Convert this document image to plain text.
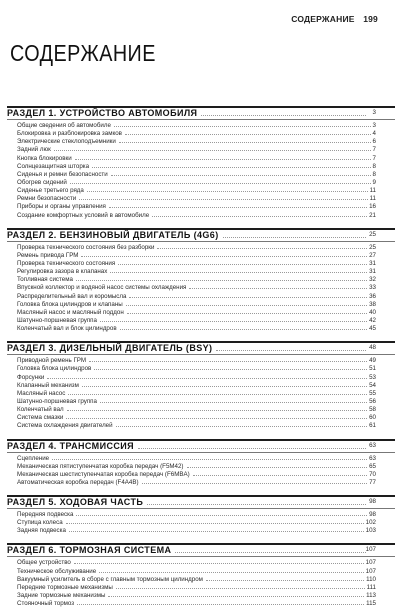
СОДЕРЖАНИЕ 199
СОДЕРЖАНИЕ
РАЗДЕЛ 1. УСТРОЙСТВО АВТОМОБИЛЯ	3
Общие сведения об автомобиле	3
Блокировка и разблокировка замков	4
Электрические стеклоподъемники	6
Задний люк	7
Кнопка блокировки	7
Солнцезащитная шторка	8
Сиденья и ремни безопасности	8
Обогрев сидений	9
Сиденье третьего ряда	11
Ремни безопасности	11
Приборы и органы управления	16
Создание комфортных условий в автомобиле	21
РАЗДЕЛ 2. БЕНЗИНОВЫЙ ДВИГАТЕЛЬ (4G6)	25
Проверка технического состояния без разборки	25
Ремень привода ГРМ	27
Проверка технического состояния	31
Регулировка зазора в клапанах	31
Топливная система	32
Впускной коллектор и водяной насос системы охлаждения	33
Распределительный вал и коромысла	36
Головка блока цилиндров и клапаны	38
Масляный насос и масляный поддон	40
Шатунно-поршневая группа	42
Коленчатый вал и блок цилиндров	45
РАЗДЕЛ 3. ДИЗЕЛЬНЫЙ ДВИГАТЕЛЬ (BSY)	48
Приводной ремень ГРМ	49
Головка блока цилиндров	51
Форсунки	53
Клапанный механизм	54
Масляный насос	55
Шатунно-поршневая группа	56
Коленчатый вал	58
Система смазки	60
Система охлаждения двигателей	61
РАЗДЕЛ 4. ТРАНСМИССИЯ	63
Сцепление	63
Механическая пятиступенчатая коробка передач (F5M42)	65
Механическая шестиступенчатая коробка передач (F6MBA)	70
Автоматическая коробка передач (F4A4B)	77
РАЗДЕЛ 5. ХОДОВАЯ ЧАСТЬ	98
Передняя подвеска	98
Ступица колеса	102
Задняя подвеска	103
РАЗДЕЛ 6. ТОРМОЗНАЯ СИСТЕМА	107
Общее устройство	107
Техническое обслуживание	107
Вакуумный усилитель в сборе с главным тормозным цилиндром	110
Передние тормозные механизмы	111
Задние тормозные механизмы	113
Стояночный тормоз	115
